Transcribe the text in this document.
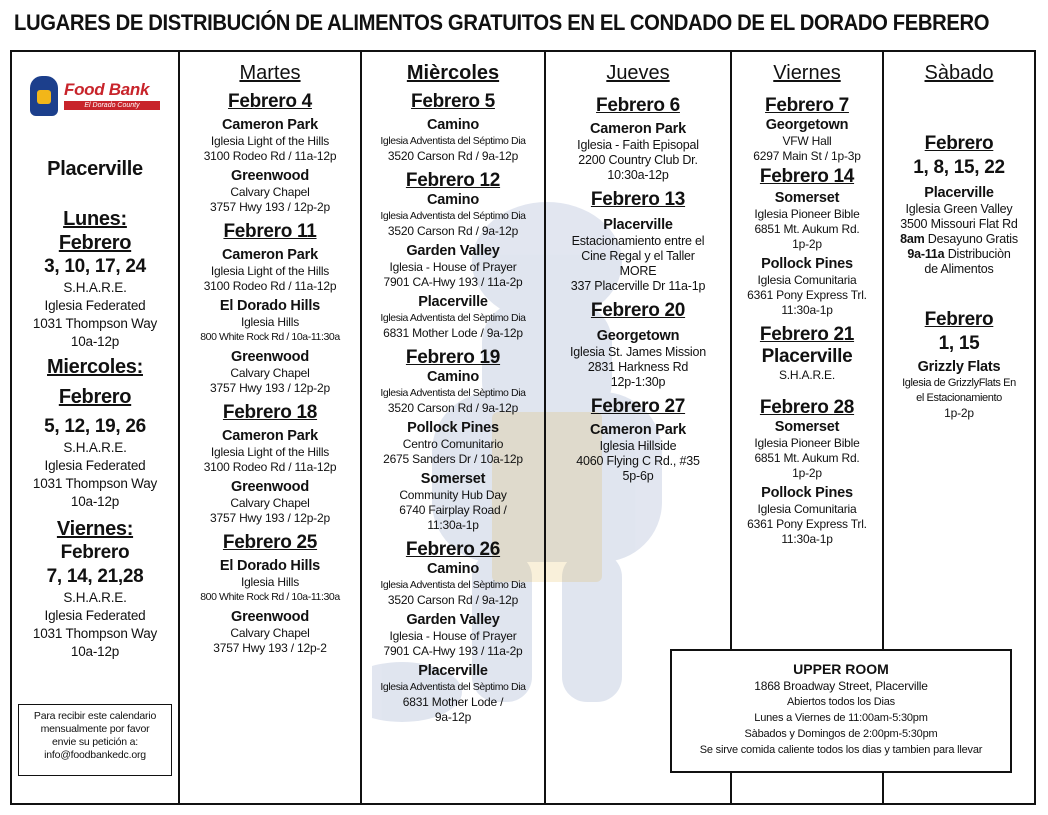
LUGARES DE DISTRIBUCIÓN DE ALIMENTOS GRATUITOS EN EL CONDADO DE EL DORADO FEBRERO
Food Bank
El Dorado County
Placerville
Lunes:
Febrero
3, 10, 17, 24
S.H.A.R.E.
Iglesia Federated
1031 Thompson Way
10a-12p
Miercoles:
Febrero
5, 12, 19, 26
S.H.A.R.E.
Iglesia Federated
1031 Thompson Way
10a-12p
Viernes:
Febrero
7, 14, 21,28
S.H.A.R.E.
Iglesia Federated
1031 Thompson Way
10a-12p
Para recibir este calendario
mensualmente por favor
envie su petición a:
info@foodbankedc.org
Martes
Febrero 4
Cameron Park
Iglesia Light of the Hills
3100 Rodeo Rd / 11a-12p
Greenwood
Calvary Chapel
3757 Hwy 193 / 12p-2p
Febrero 11
Cameron Park
Iglesia Light of the Hills
3100 Rodeo Rd / 11a-12p
El Dorado Hills
Iglesia Hills
800 White Rock Rd / 10a-11:30a
Greenwood
Calvary Chapel
3757 Hwy 193 / 12p-2p
Febrero 18
Cameron Park
Iglesia Light of the Hills
3100 Rodeo Rd / 11a-12p
Greenwood
Calvary Chapel
3757 Hwy 193 / 12p-2p
Febrero 25
El Dorado Hills
Iglesia Hills
800 White Rock Rd / 10a-11:30a
Greenwood
Calvary Chapel
3757 Hwy 193 / 12p-2
Mièrcoles
Febrero 5
Camino
Iglesia Adventista del Séptimo Dia
3520 Carson Rd / 9a-12p
Febrero 12
Camino
Iglesia Adventista del Séptimo Dia
3520 Carson Rd / 9a-12p
Garden Valley
Iglesia - House of Prayer
7901 CA-Hwy 193 / 11a-2p
Placerville
Iglesia Adventista del Sèptimo Dia
6831 Mother Lode / 9a-12p
Febrero 19
Camino
Iglesia Adventista del Sèptimo Dia
3520 Carson Rd / 9a-12p
Pollock Pines
Centro Comunitario
2675 Sanders Dr / 10a-12p
Somerset
Community Hub Day
6740 Fairplay Road /
11:30a-1p
Febrero 26
Camino
Iglesia Adventista del Sèptimo Dia
3520 Carson Rd / 9a-12p
Garden Valley
Iglesia - House of Prayer
7901 CA-Hwy 193 / 11a-2p
Placerville
Iglesia Adventista del Sèptimo Dia
6831 Mother Lode /
9a-12p
Jueves
Febrero 6
Cameron Park
Iglesia - Faith Episopal
2200 Country Club Dr.
10:30a-12p
Febrero 13
Placerville
Estacionamiento entre el
Cine Regal y el Taller
MORE
337 Placerville Dr 11a-1p
Febrero 20
Georgetown
Iglesia St. James Mission
2831 Harkness Rd
12p-1:30p
Febrero 27
Cameron Park
Iglesia Hillside
4060 Flying C Rd., #35
5p-6p
Viernes
Febrero 7
Georgetown
VFW Hall
6297 Main St / 1p-3p
Febrero 14
Somerset
Iglesia Pioneer Bible
6851 Mt. Aukum Rd.
1p-2p
Pollock Pines
Iglesia Comunitaria
6361 Pony Express Trl.
11:30a-1p
Febrero 21
Placerville
S.H.A.R.E.
Febrero 28
Somerset
Iglesia Pioneer Bible
6851 Mt. Aukum Rd.
1p-2p
Pollock Pines
Iglesia Comunitaria
6361 Pony Express Trl.
11:30a-1p
Sàbado
Febrero
1, 8, 15, 22
Placerville
Iglesia Green Valley
3500 Missouri Flat Rd
8am Desayuno Gratis
9a-11a Distribuciòn
de Alimentos
Febrero
1, 15
Grizzly Flats
Iglesia de GrizzlyFlats En
el Estacionamiento
1p-2p
UPPER ROOM
1868 Broadway Street, Placerville
Abiertos todos los Dias
Lunes a Viernes de 11:00am-5:30pm
Sàbados y Domingos de 2:00pm-5:30pm
Se sirve comida caliente todos los dias y tambien para llevar
